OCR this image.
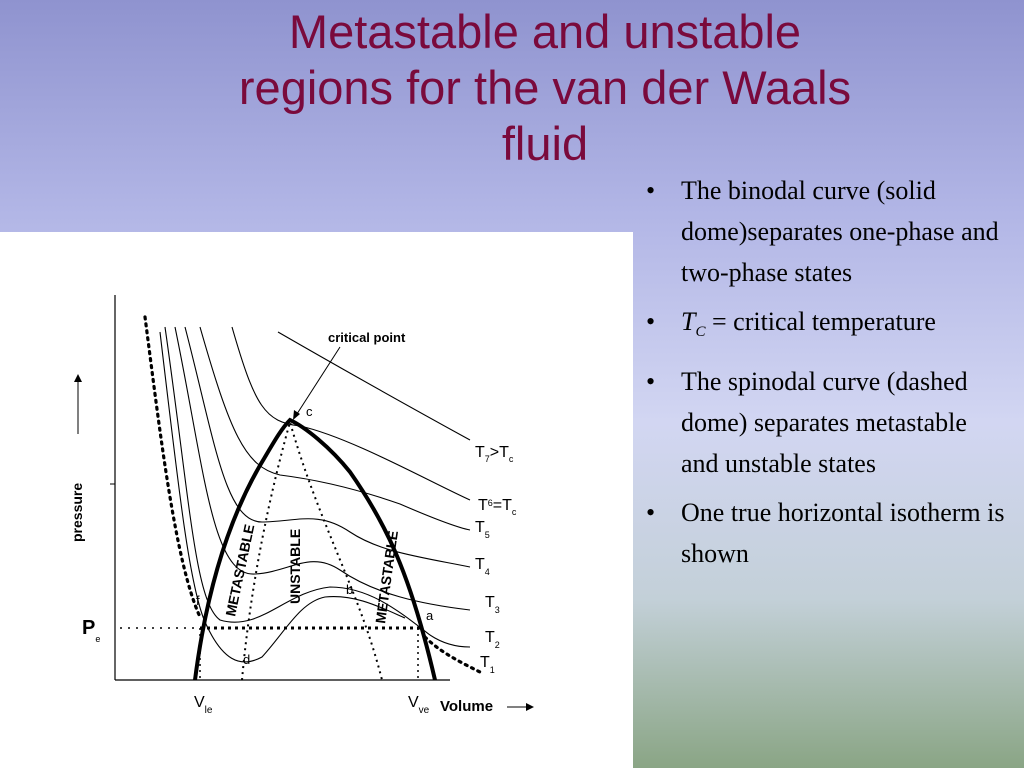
Metastable and unstable
regions for the van der Waals
fluid
pressure
Volume
critical point
c
METASTABLE UNSTABLE	METASTABLE
f
d
b
a
$P_e$
$V_{le}$	$V_{ve}$
$T_7>T_c$
$T^6=T_c$
$T_5$
$T_4$
$T_3$
$T_2$
$T_1$
• The binodal curve (solid dome)separates one-phase and two-phase states
• $T_C$ = critical temperature
• The spinodal curve (dashed dome) separates metastable and unstable states
• One true horizontal isotherm is shown
